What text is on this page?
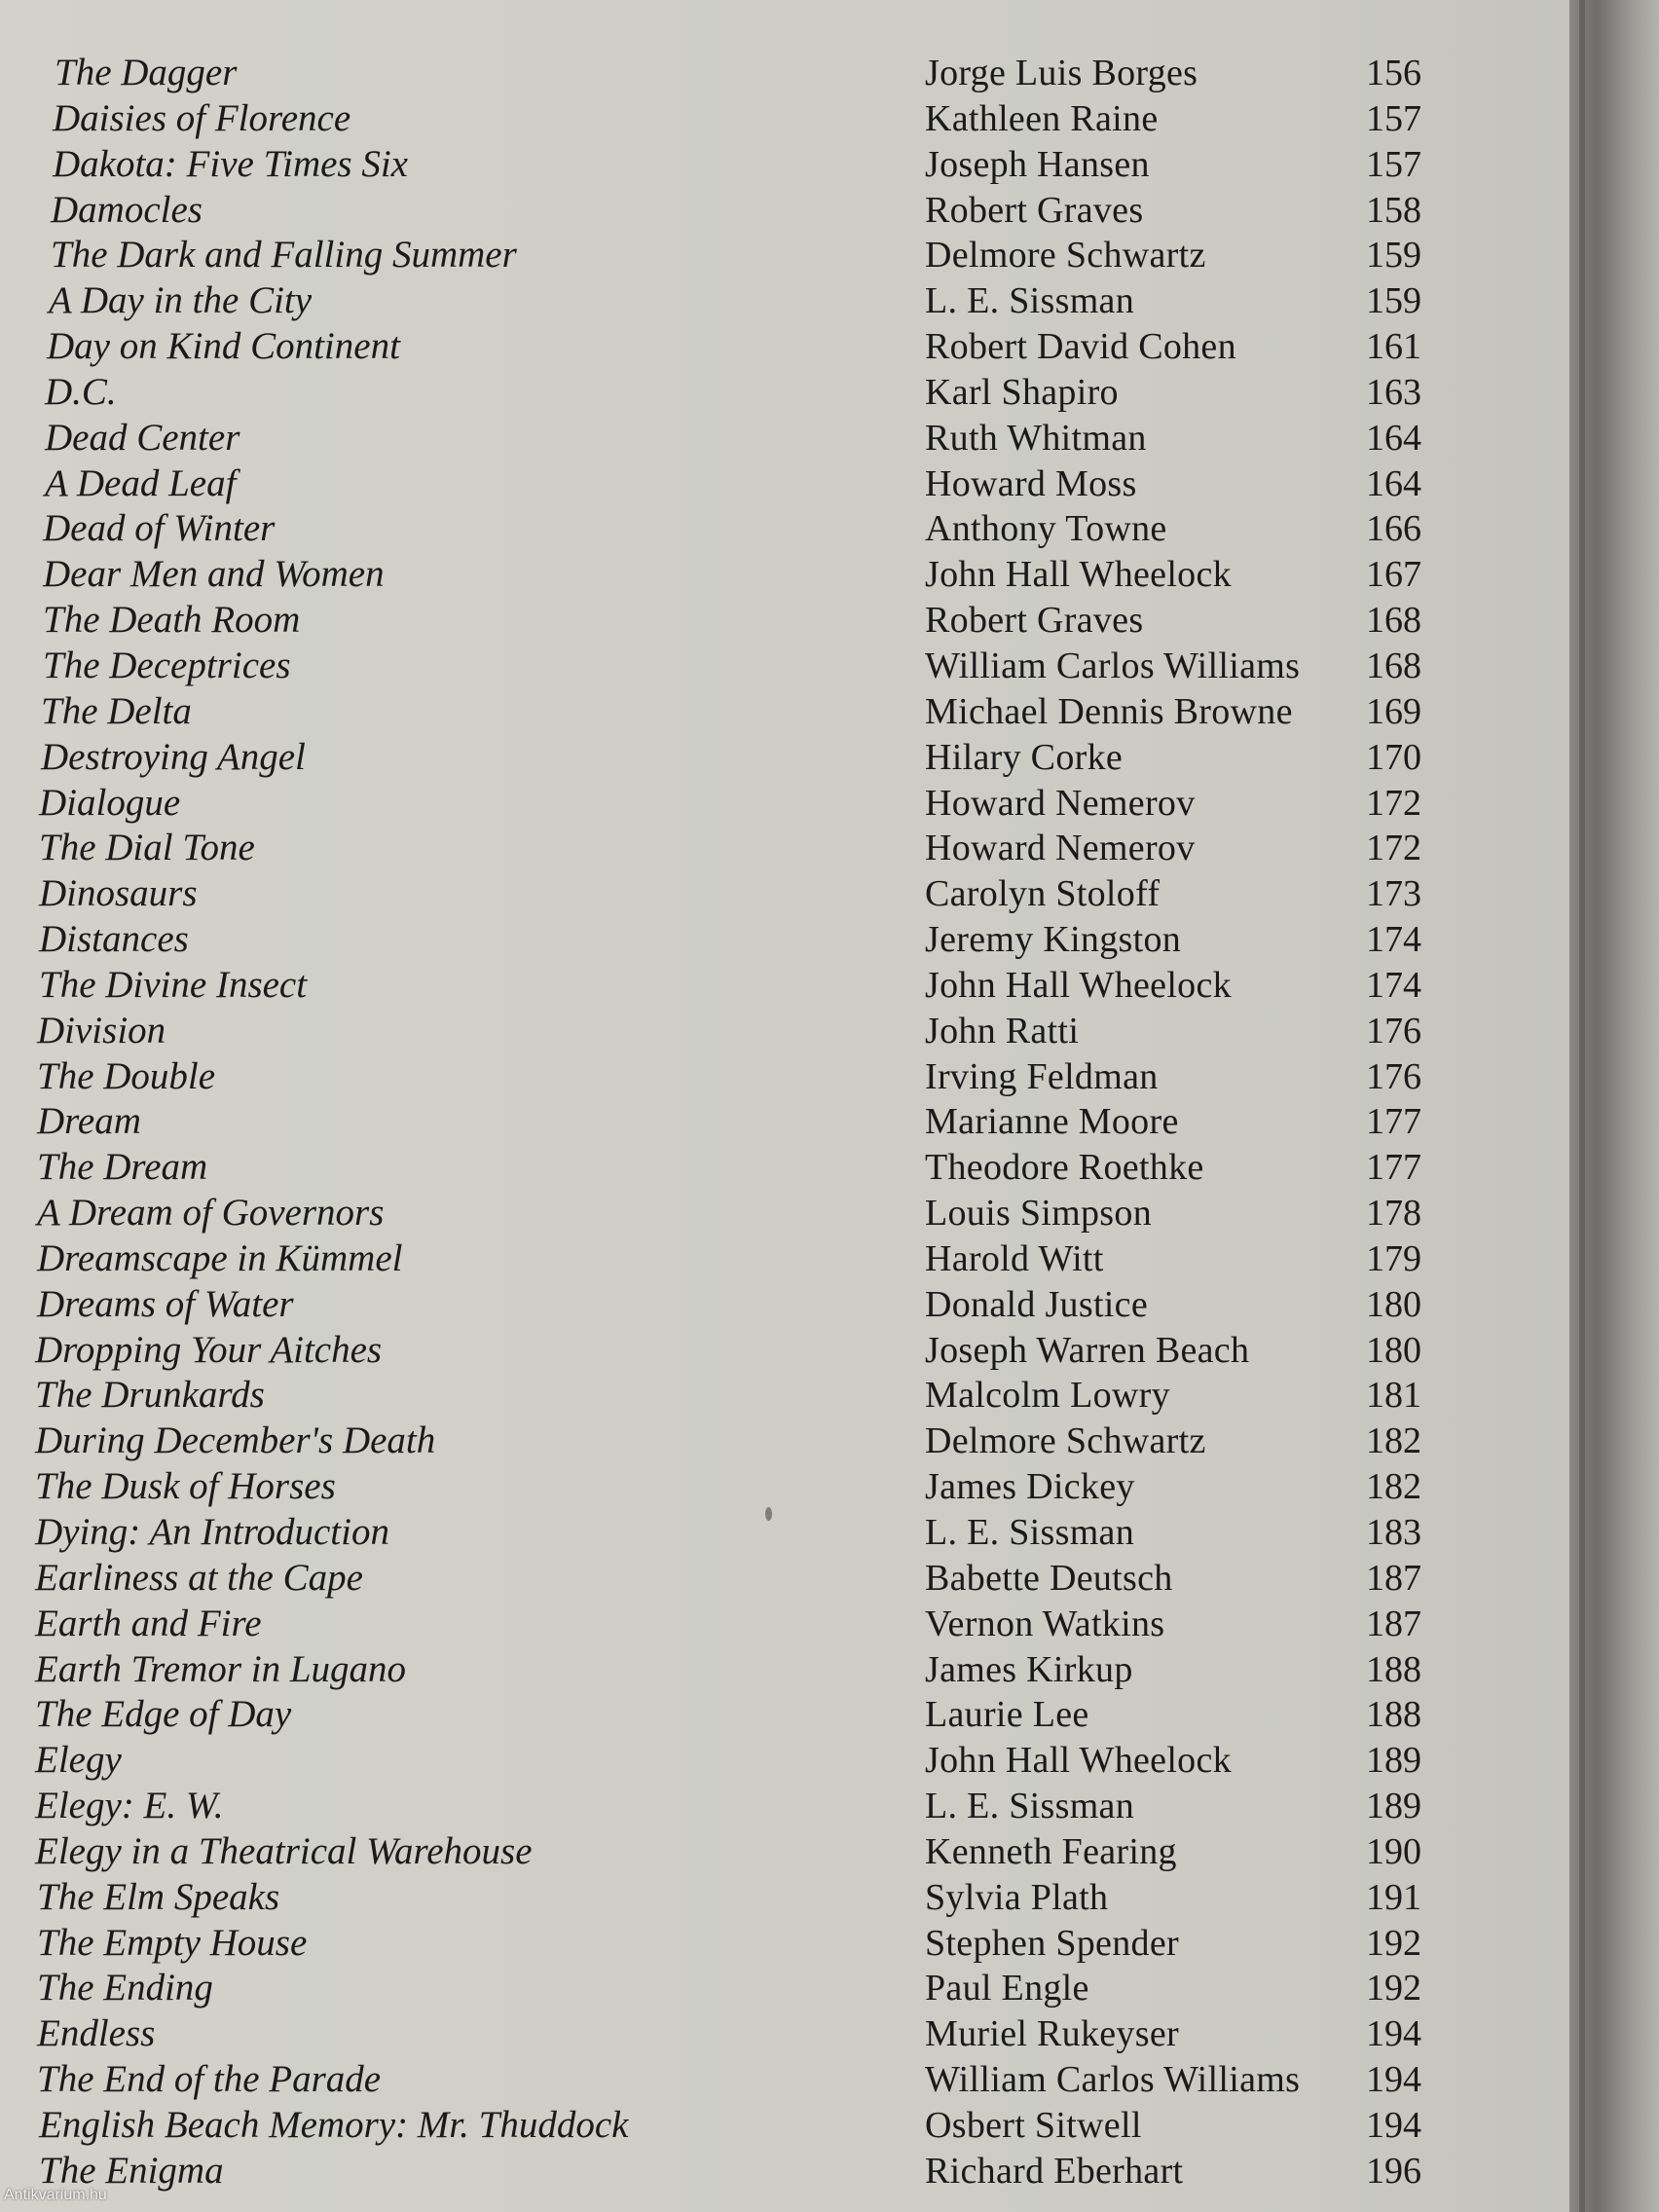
The Dagger	Jorge Luis Borges	156
Daisies of Florence	Kathleen Raine	157
Dakota: Five Times Six	Joseph Hansen	157
Damocles	Robert Graves	158
The Dark and Falling Summer	Delmore Schwartz	159
A Day in the City	L. E. Sissman	159
Day on Kind Continent	Robert David Cohen	161
D.C.	Karl Shapiro	163
Dead Center	Ruth Whitman	164
A Dead Leaf	Howard Moss	164
Dead of Winter	Anthony Towne	166
Dear Men and Women	John Hall Wheelock	167
The Death Room	Robert Graves	168
The Deceptrices	William Carlos Williams 168
The Delta	Michael Dennis Browne 169
Destroying Angel	Hilary Corke	170
Dialogue	Howard Nemerov	172
The Dial Tone	Howard Nemerov	172
Dinosaurs	Carolyn Stoloff	173
Distances	Jeremy Kingston	174
The Divine Insect	John Hall Wheelock	174
Division	John Ratti	176
The Double	Irving Feldman	176
Dream	Marianne Moore	177
The Dream	Theodore Roethke	177
A Dream of Governors	Louis Simpson	178
Dreamscape in Kümmel	Harold Witt	179
Dreams of Water	Donald Justice	180
Dropping Your Aitches	Joseph Warren Beach	180
The Drunkards	Malcolm Lowry	181
During December's Death	Delmore Schwartz	182
The Dusk of Horses	James Dickey	182
Dying: An Introduction	L. E. Sissman	183
Earliness at the Cape	Babette Deutsch	187
Earth and Fire	Vernon Watkins	187
Earth Tremor in Lugano	James Kirkup	188
The Edge of Day	Laurie Lee	188
Elegy	John Hall Wheelock	189
Elegy: E. W.	L. E. Sissman	189
Elegy in a Theatrical Warehouse	Kenneth Fearing	190
The Elm Speaks	Sylvia Plath	191
The Empty House	Stephen Spender	192
The Ending	Paul Engle	192
Endless	Muriel Rukeyser	194
The End of the Parade	William Carlos Williams 194
English Beach Memory: Mr. Thuddock	Osbert Sitwell	194
The Enigma	Richard Eberhart	196
Antikvarium.hu
